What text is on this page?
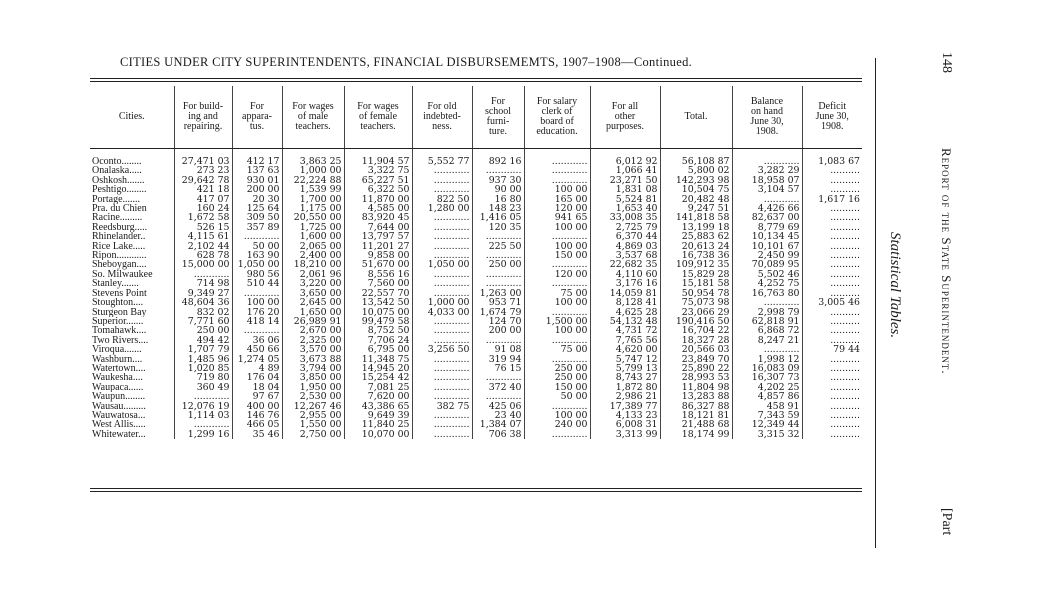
CITIES UNDER CITY SUPERINTENDENTS, FINANCIAL DISBURSEMEMTS, 1907–1908—Continued.
Cities.	For build-
ing and
repairing.	For
appara-
tus.	For wages
of male
teachers.	For wages
of female
teachers.	For old
indebted-
ness.	For
school
furni-
ture.	For salary
clerk of
board of
education.	For all
other
purposes.	Total.	Balance
on hand
June 30,
1908.	Deficit
June 30,
1908.

Oconto........	27,471 03	412 17	3,863 25	11,904 57	5,552 77	892 16	............	6,012 92	56,108 87	............	1,083 67
Onalaska.....	273 23	137 63	1,000 00	3,322 75	............	............	............	1,066 41	5,800 02	3,282 29	..........
Oshkosh.......	29,642 78	930 01	22,224 88	65,227 51	............	937 30	............	23,271 50	142,293 98	18,958 07	..........
Peshtigo........	421 18	200 00	1,539 99	6,322 50	............	90 00	100 00	1,831 08	10,504 75	3,104 57	..........
Portage.......	417 07	20 30	1,700 00	11,870 00	822 50	16 80	165 00	5,524 81	20,482 48	............	1,617 16
Pra. du Chien	160 24	125 64	1,175 00	4,585 00	1,280 00	148 23	120 00	1,653 40	9,247 51	4,426 66	..........
Racine.........	1,672 58	309 50	20,550 00	83,920 45	............	1,416 05	941 65	33,008 35	141,818 58	82,637 00	..........
Reedsburg.....	526 15	357 89	1,725 00	7,644 00	............	120 35	100 00	2,725 79	13,199 18	8,779 69	..........
Rhinelander..	4,115 61	............	1,600 00	13,797 57	............	............	............	6,370 44	25,883 62	10,134 45	..........
Rice Lake.....	2,102 44	50 00	2,065 00	11,201 27	............	225 50	100 00	4,869 03	20,613 24	10,101 67	..........
Ripon............	628 78	163 90	2,400 00	9,858 00	............	............	150 00	3,537 68	16,738 36	2,450 99	..........
Sheboygan....	15,000 00	1,050 00	18,210 00	51,670 00	1,050 00	250 00	............	22,682 35	109,912 35	70,089 95	..........
So. Milwaukee	............	980 56	2,061 96	8,556 16	............	............	120 00	4,110 60	15,829 28	5,502 46	..........
Stanley.......	714 98	510 44	3,220 00	7,560 00	............	............	............	3,176 16	15,181 58	4,252 75	..........
Stevens Point	9,349 27	............	3,650 00	22,557 70	............	1,263 00	75 00	14,059 81	50,954 78	16,763 80	..........
Stoughton....	48,604 36	100 00	2,645 00	13,542 50	1,000 00	953 71	100 00	8,128 41	75,073 98	............	3,005 46
Sturgeon Bay	832 02	176 20	1,650 00	10,075 00	4,033 00	1,674 79	............	4,625 28	23,066 29	2,998 79	..........
Superior.......	7,771 60	418 14	26,989 91	99,479 58	............	124 70	1,500 00	54,132 48	190,416 50	62,818 91	..........
Tomahawk....	250 00	............	2,670 00	8,752 50	............	200 00	100 00	4,731 72	16,704 22	6,868 72	..........
Two Rivers....	494 42	36 06	2,325 00	7,706 24	............	............	............	7,765 56	18,327 28	8,247 21	..........
Viroqua.......	1,707 79	450 66	3,570 00	6,795 00	3,256 50	91 08	75 00	4,620 00	20,566 03	............	79 44
Washburn....	1,485 96	1,274 05	3,673 88	11,348 75	............	319 94	............	5,747 12	23,849 70	1,998 12	..........
Watertown....	1,020 85	4 89	3,794 00	14,945 20	............	76 15	250 00	5,799 13	25,890 22	16,083 09	..........
Waukesha....	719 80	176 04	3,850 00	15,254 42	............	............	250 00	8,743 27	28,993 53	16,307 73	..........
Waupaca......	360 49	18 04	1,950 00	7,081 25	............	372 40	150 00	1,872 80	11,804 98	4,202 25	..........
Waupun........	............	97 67	2,530 00	7,620 00	............	............	50 00	2,986 21	13,283 88	4,857 86	..........
Wausau.........	12,076 19	400 00	12,267 46	43,386 65	382 75	425 06	............	17,389 77	86,327 88	458 91	..........
Wauwatosa...	1,114 03	146 76	2,955 00	9,649 39	............	23 40	100 00	4,133 23	18,121 81	7,343 59	..........
West Allis.....	............	466 05	1,550 00	11,840 25	............	1,384 07	240 00	6,008 31	21,488 68	12,349 44	..........
Whitewater...	1,299 16	35 46	2,750 00	10,070 00	............	706 38	............	3,313 99	18,174 99	3,315 32	..........
148
Report of the State Superintendent.
Statistical Tables.
[Part
